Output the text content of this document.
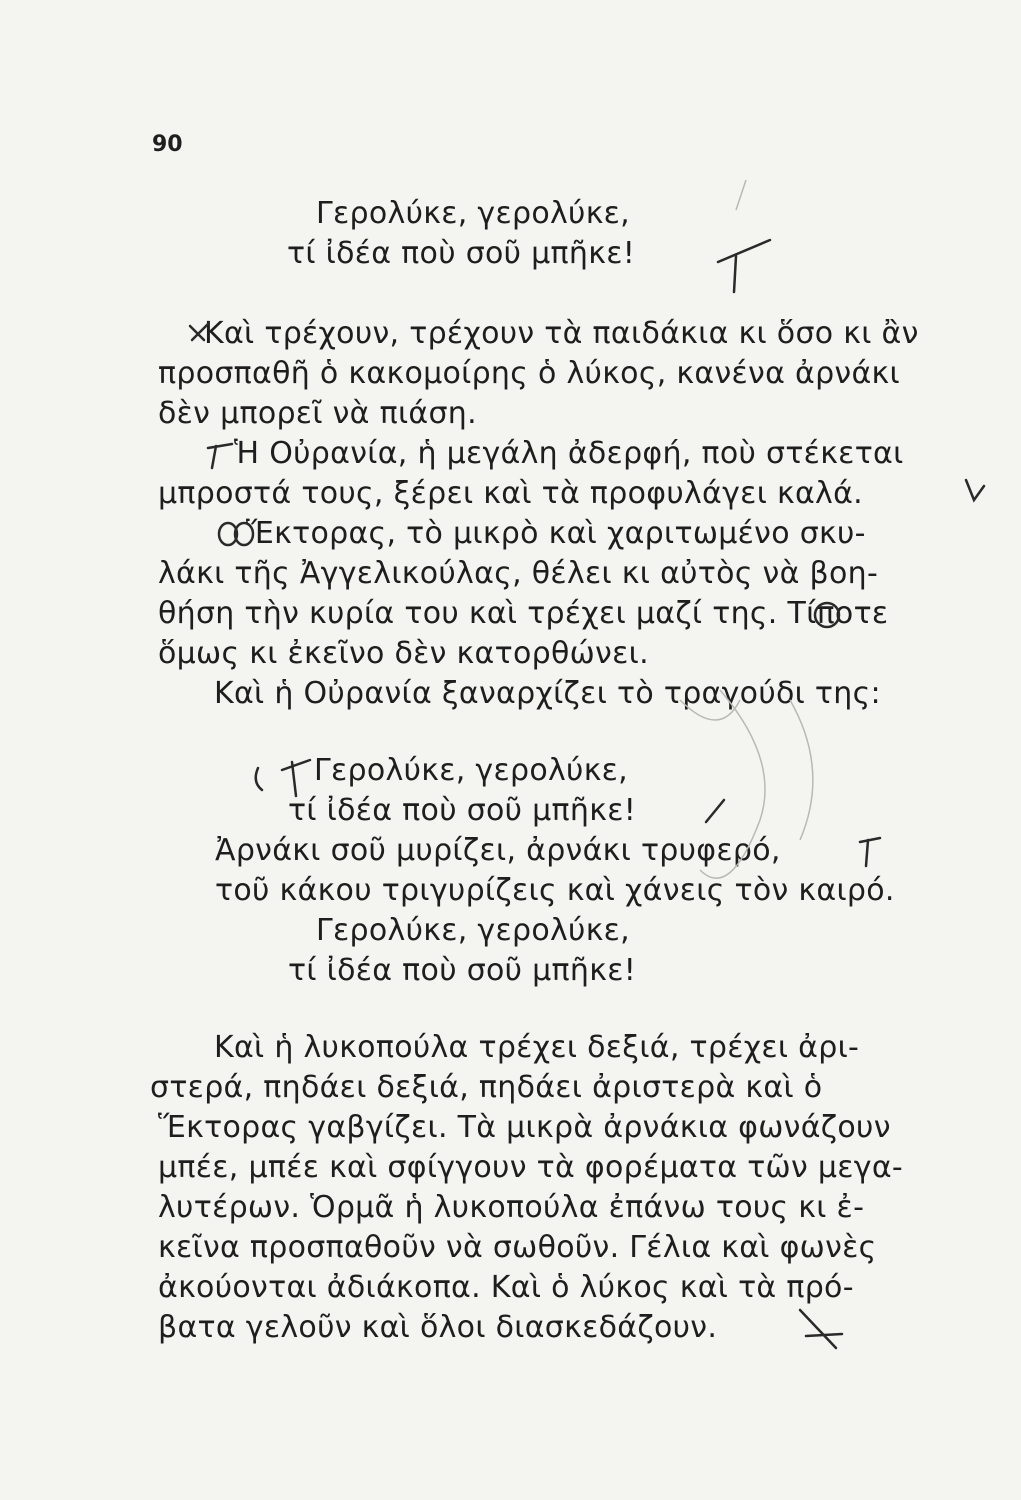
90
Γερολύκε, γερολύκε,
τί ἰδέα ποὺ σοῦ μπῆκε!
Καὶ τρέχουν, τρέχουν τὰ παιδάκια κι ὅσο κι ἂν
προσπαθῆ ὁ κακομοίρης ὁ λύκος, κανένα ἀρνάκι
δὲν μπορεῖ νὰ πιάση.
Ἡ Οὐρανία, ἡ μεγάλη ἀδερφή, ποὺ στέκεται
μπροστά τους, ξέρει καὶ τὰ προφυλάγει καλά.
Ἕκτορας, τὸ μικρὸ καὶ χαριτωμένο σκυ-
λάκι τῆς Ἀγγελικούλας, θέλει κι αὐτὸς νὰ βοη-
θήση τὴν κυρία του καὶ τρέχει μαζί της. Τίποτε
ὅμως κι ἐκεῖνο δὲν κατορθώνει.
Καὶ ἡ Οὐρανία ξαναρχίζει τὸ τραγούδι της:
Γερολύκε, γερολύκε,
τί ἰδέα ποὺ σοῦ μπῆκε!
Ἀρνάκι σοῦ μυρίζει, ἀρνάκι τρυφερό,
τοῦ κάκου τριγυρίζεις καὶ χάνεις τὸν καιρό.
Γερολύκε, γερολύκε,
τί ἰδέα ποὺ σοῦ μπῆκε!
Καὶ ἡ λυκοπούλα τρέχει δεξιά, τρέχει ἀρι-
στερά, πηδάει δεξιά, πηδάει ἀριστερὰ καὶ ὁ
Ἕκτορας γαβγίζει. Τὰ μικρὰ ἀρνάκια φωνάζουν
μπέε, μπέε καὶ σφίγγουν τὰ φορέματα τῶν μεγα-
λυτέρων. Ὁρμᾶ ἡ λυκοπούλα ἐπάνω τους κι ἐ-
κεῖνα προσπαθοῦν νὰ σωθοῦν. Γέλια καὶ φωνὲς
ἀκούονται ἀδιάκοπα. Καὶ ὁ λύκος καὶ τὰ πρό-
βατα γελοῦν καὶ ὅλοι διασκεδάζουν.
